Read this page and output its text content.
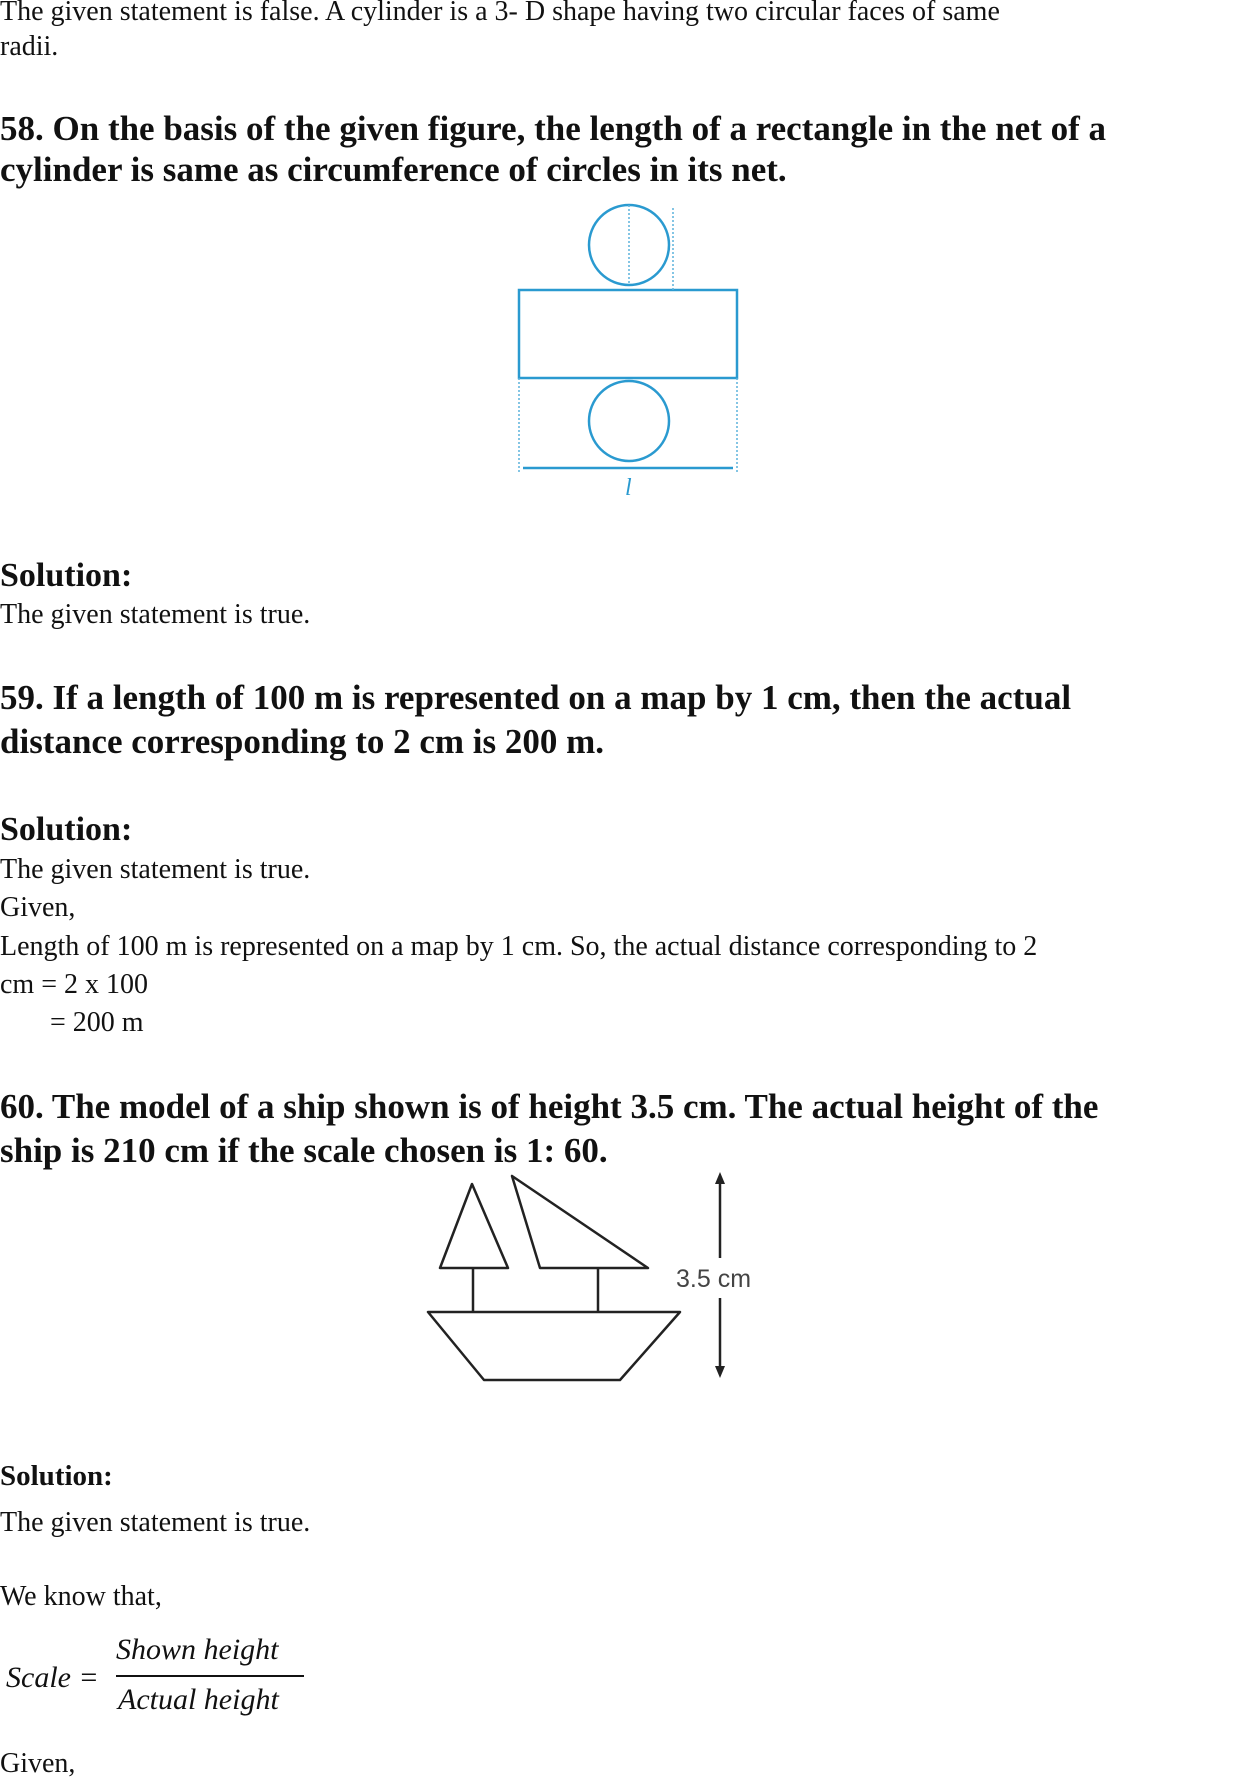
The given statement is false. A cylinder is a 3- D shape having two circular faces of same

radii.

58. On the basis of the given figure, the length of a rectangle in the net of a

cylinder is same as circumference of circles in its net.

l

Solution:

The given statement is true.

59. If a length of 100 m is represented on a map by 1 cm, then the actual

distance corresponding to 2 cm is 200 m.

Solution:

The given statement is true.

Given,

Length of 100 m is represented on a map by 1 cm. So, the actual distance corresponding to 2

cm = 2 x 100

= 200 m

60. The model of a ship shown is of height 3.5 cm. The actual height of the

ship is 210 cm if the scale chosen is 1: 60.

3.5 cm

Solution:

The given statement is true.

We know that,

Scale =
Shown height
Actual height

Given,
